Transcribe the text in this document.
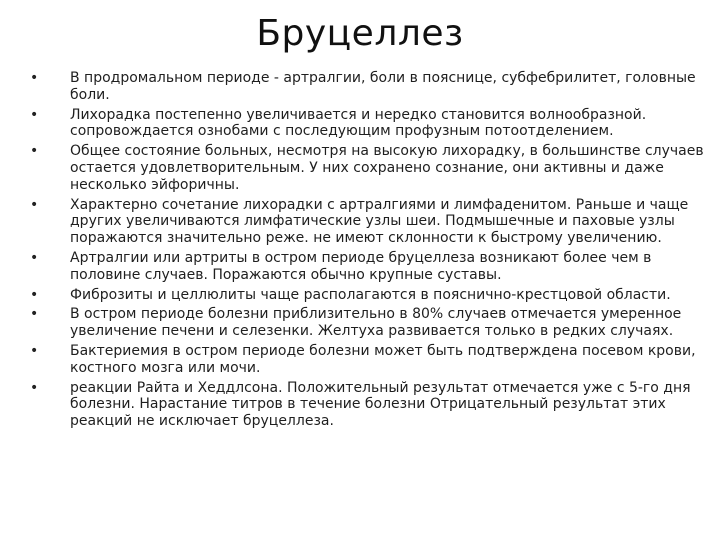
Бруцеллез
• В продромальном периоде - артралгии, боли в пояснице, субфебрилитет, головные боли.
• Лихорадка постепенно увеличивается и нередко становится волнообразной. сопровождается ознобами с последующим профузным потоотделением.
• Общее состояние больных, несмотря на высокую лихорадку, в большинстве случаев остается удовлетворительным. У них сохранено сознание, они активны и даже несколько эйфоричны.
• Характерно сочетание лихорадки с артралгиями и лимфаденитом. Раньше и чаще других увеличиваются лимфатические узлы шеи. Подмышечные и паховые узлы поражаются значительно реже. не имеют склонности к быстрому увеличению.
• Артралгии или артриты в остром периоде бруцеллеза возникают более чем в половине случаев. Поражаются обычно крупные суставы.
• Фиброзиты и целлюлиты чаще располагаются в пояснично-крестцовой области.
• В остром периоде болезни приблизительно в 80% случаев отмечается умеренное увеличение печени и селезенки. Желтуха развивается только в редких случаях.
• Бактериемия в остром периоде болезни может быть подтверждена посевом крови, костного мозга или мочи.
• реакции Райта и Хеддлсона. Положительный результат отмечается уже с 5-го дня болезни. Нарастание титров в течение болезни Отрицательный результат этих реакций не исключает бруцеллеза.
